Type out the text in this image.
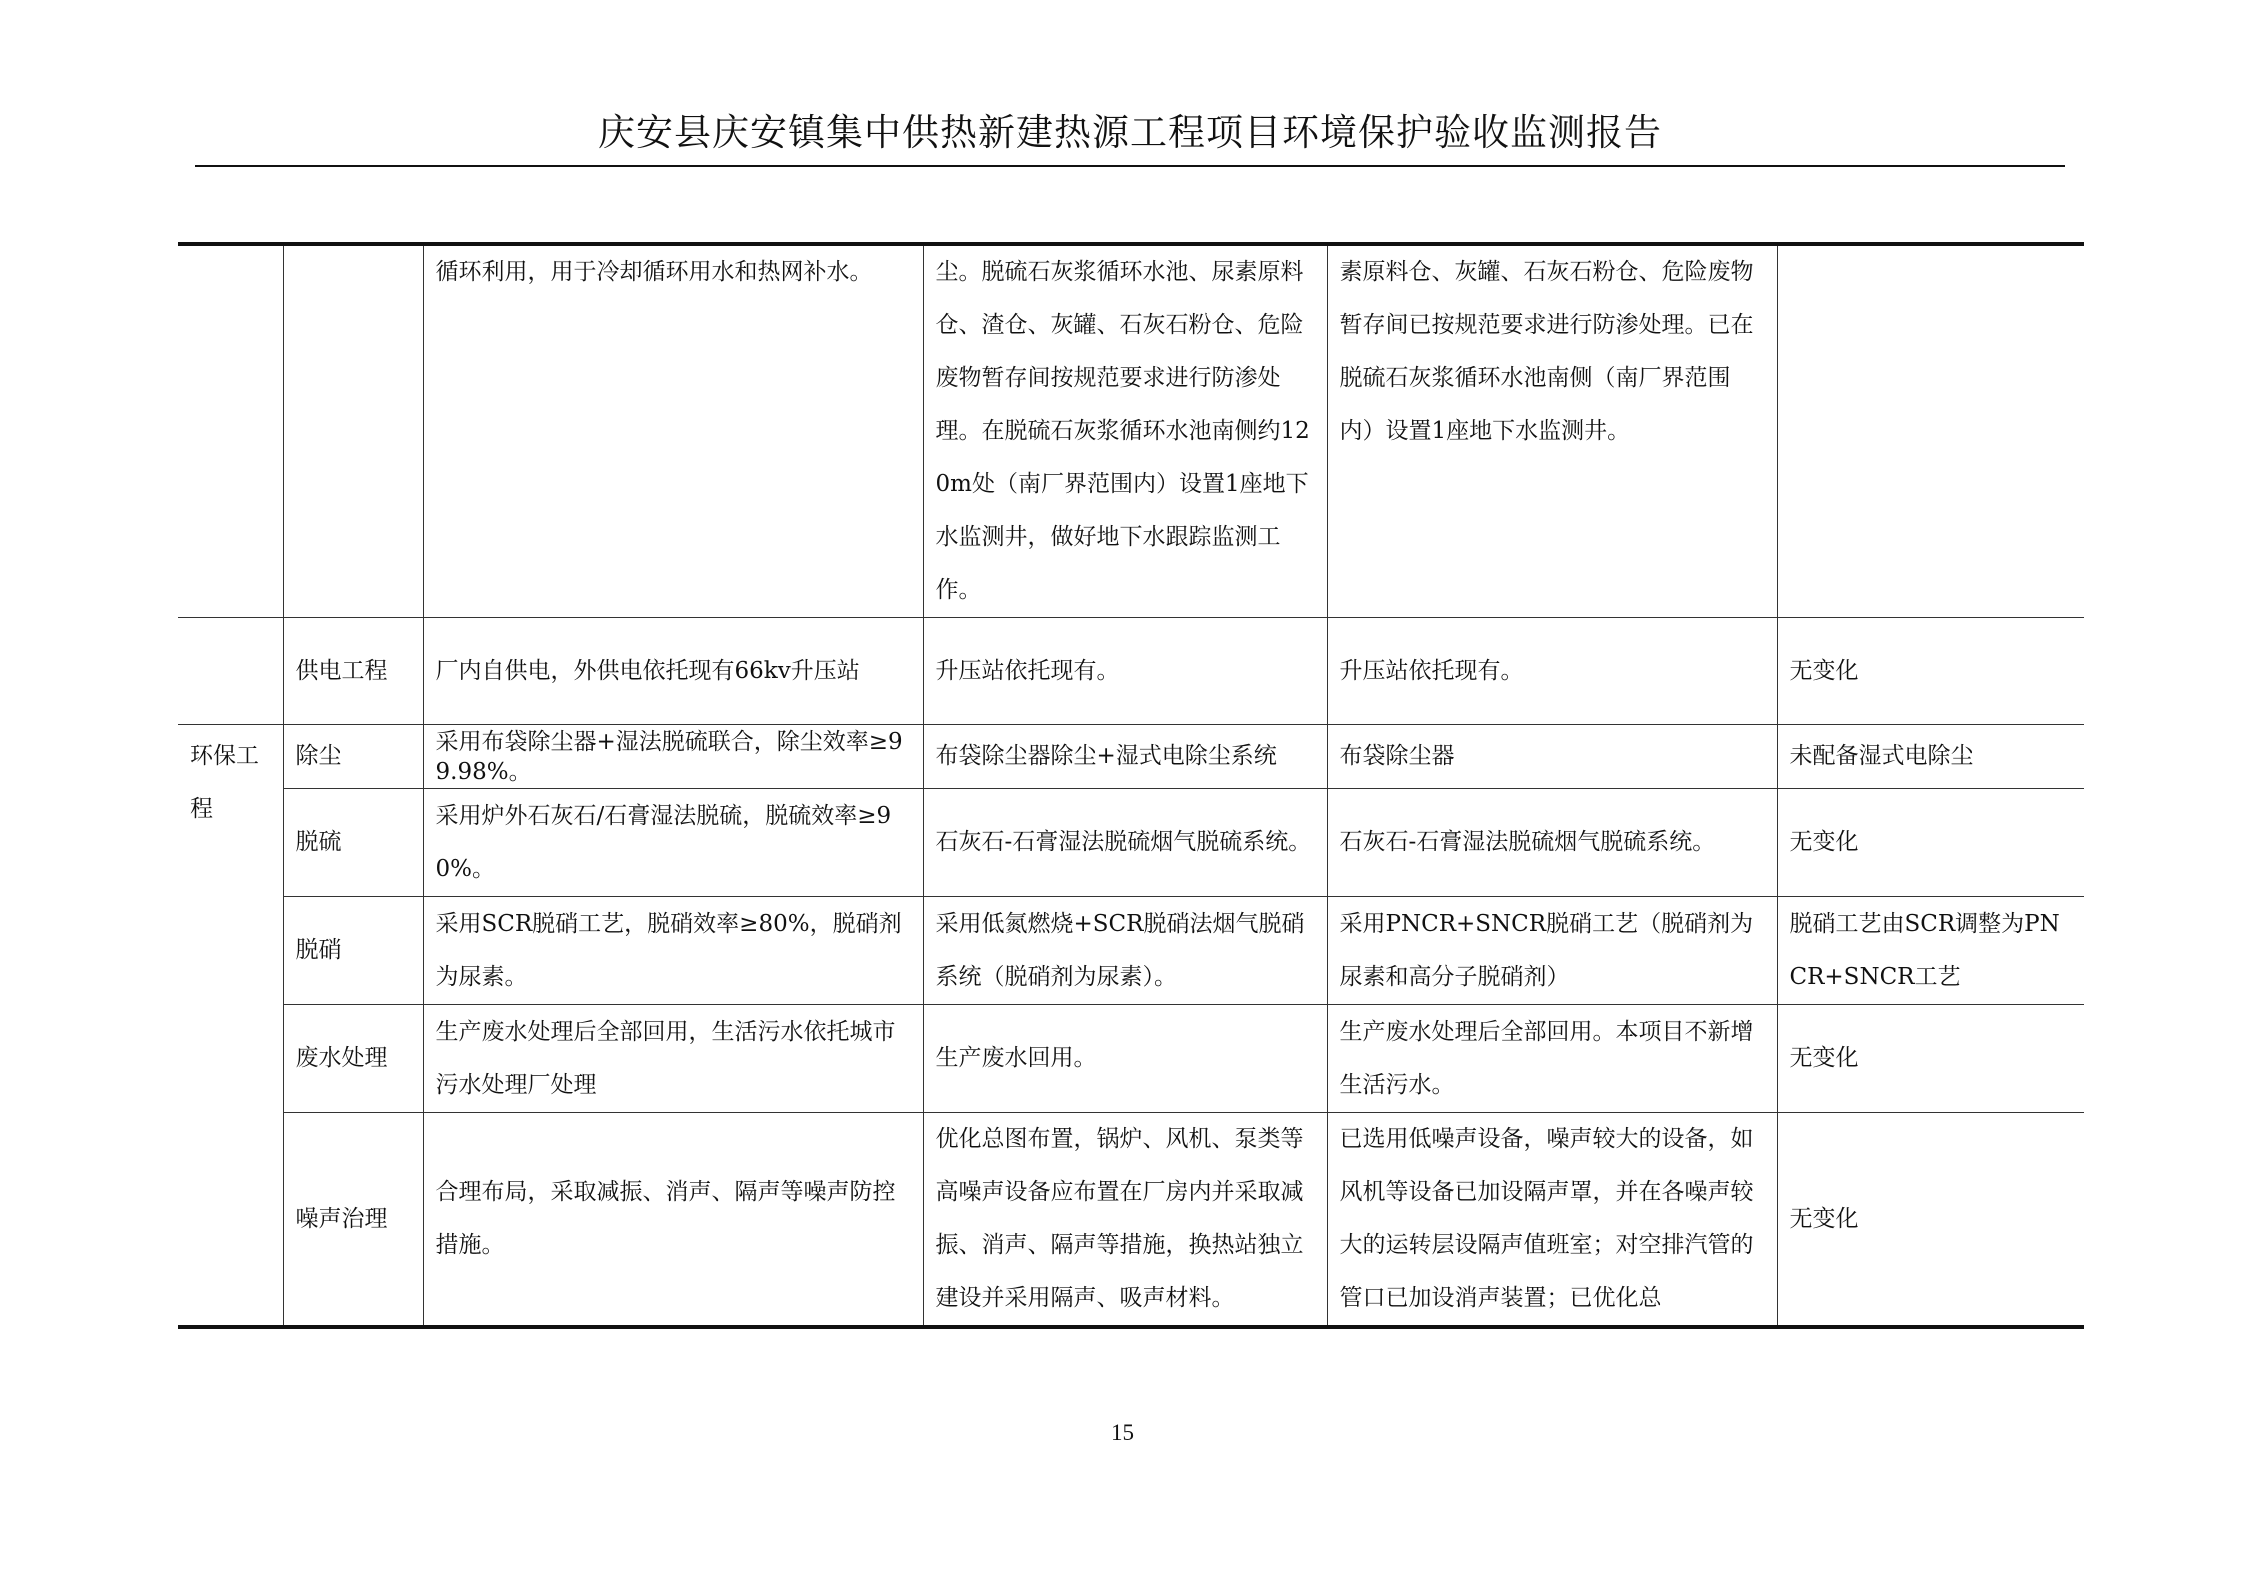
庆安县庆安镇集中供热新建热源工程项目环境保护验收监测报告
		循环利用，用于冷却循环用水和热网补水。	尘。脱硫石灰浆循环水池、尿素原料仓、渣仓、灰罐、石灰石粉仓、危险废物暂存间按规范要求进行防渗处理。在脱硫石灰浆循环水池南侧约120m处（南厂界范围内）设置1座地下水监测井，做好地下水跟踪监测工作。	素原料仓、灰罐、石灰石粉仓、危险废物暂存间已按规范要求进行防渗处理。已在脱硫石灰浆循环水池南侧（南厂界范围内）设置1座地下水监测井。	
	供电工程	厂内自供电，外供电依托现有66kv升压站	升压站依托现有。	升压站依托现有。	无变化
环保工程	除尘	采用布袋除尘器+湿法脱硫联合，除尘效率≥99.98%。	布袋除尘器除尘+湿式电除尘系统	布袋除尘器	未配备湿式电除尘
	脱硫	采用炉外石灰石/石膏湿法脱硫，脱硫效率≥90%。	石灰石-石膏湿法脱硫烟气脱硫系统。	石灰石-石膏湿法脱硫烟气脱硫系统。	无变化
	脱硝	采用SCR脱硝工艺，脱硝效率≥80%，脱硝剂为尿素。	采用低氮燃烧+SCR脱硝法烟气脱硝系统（脱硝剂为尿素）。	采用PNCR+SNCR脱硝工艺（脱硝剂为尿素和高分子脱硝剂）	脱硝工艺由SCR调整为PNCR+SNCR工艺
	废水处理	生产废水处理后全部回用，生活污水依托城市污水处理厂处理	生产废水回用。	生产废水处理后全部回用。本项目不新增生活污水。	无变化
	噪声治理	合理布局，采取减振、消声、隔声等噪声防控措施。	优化总图布置，锅炉、风机、泵类等高噪声设备应布置在厂房内并采取减振、消声、隔声等措施，换热站独立建设并采用隔声、吸声材料。	已选用低噪声设备，噪声较大的设备，如风机等设备已加设隔声罩，并在各噪声较大的运转层设隔声值班室；对空排汽管的管口已加设消声装置；已优化总	无变化
15
